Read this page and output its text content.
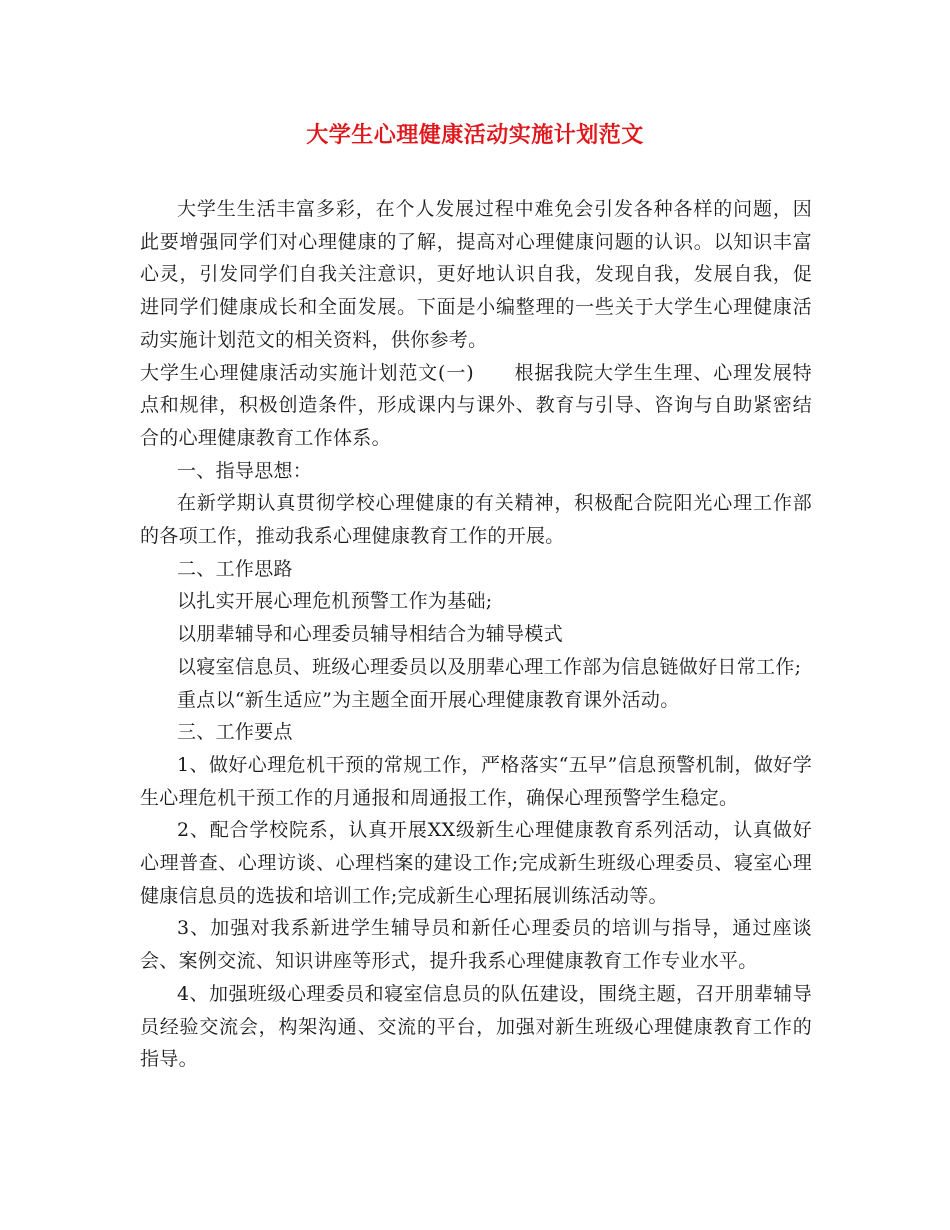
大学生心理健康活动实施计划范文

大学生生活丰富多彩，在个人发展过程中难免会引发各种各样的问题，因此要增强同学们对心理健康的了解，提高对心理健康问题的认识。以知识丰富心灵，引发同学们自我关注意识，更好地认识自我，发现自我，发展自我，促进同学们健康成长和全面发展。下面是小编整理的一些关于大学生心理健康活动实施计划范文的相关资料，供你参考。

大学生心理健康活动实施计划范文(一) 根据我院大学生生理、心理发展特点和规律，积极创造条件，形成课内与课外、教育与引导、咨询与自助紧密结合的心理健康教育工作体系。

一、指导思想：

在新学期认真贯彻学校心理健康的有关精神，积极配合院阳光心理工作部的各项工作，推动我系心理健康教育工作的开展。

二、工作思路

以扎实开展心理危机预警工作为基础;

以朋辈辅导和心理委员辅导相结合为辅导模式

以寝室信息员、班级心理委员以及朋辈心理工作部为信息链做好日常工作;

重点以“新生适应”为主题全面开展心理健康教育课外活动。

三、工作要点

1、做好心理危机干预的常规工作，严格落实“五早”信息预警机制，做好学生心理危机干预工作的月通报和周通报工作，确保心理预警学生稳定。

2、配合学校院系，认真开展XX级新生心理健康教育系列活动，认真做好心理普查、心理访谈、心理档案的建设工作;完成新生班级心理委员、寝室心理健康信息员的选拔和培训工作;完成新生心理拓展训练活动等。

3、加强对我系新进学生辅导员和新任心理委员的培训与指导，通过座谈会、案例交流、知识讲座等形式，提升我系心理健康教育工作专业水平。

4、加强班级心理委员和寝室信息员的队伍建设，围绕主题，召开朋辈辅导员经验交流会，构架沟通、交流的平台，加强对新生班级心理健康教育工作的指导。
